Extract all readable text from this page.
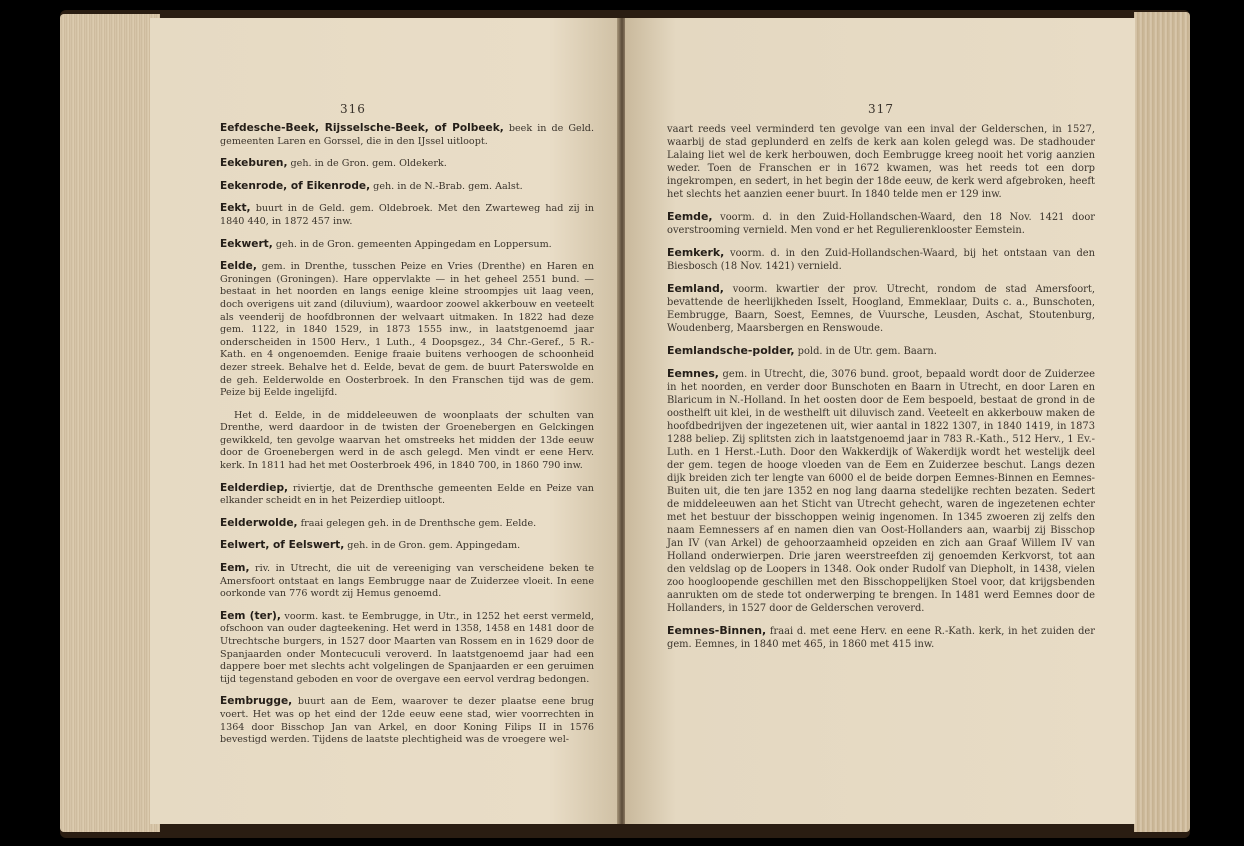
316
Eefdesche-Beek, Rijsselsche-Beek, of Polbeek, beek in de Geld. gemeenten Laren en Gorssel, die in den IJssel uitloopt.
Eekeburen, geh. in de Gron. gem. Oldekerk.
Eekenrode, of Eikenrode, geh. in de N.-Brab. gem. Aalst.
Eekt, buurt in de Geld. gem. Oldebroek. Met den Zwarteweg had zij in 1840 440, in 1872 457 inw.
Eekwert, geh. in de Gron. gemeenten Appingedam en Loppersum.
Eelde, gem. in Drenthe, tusschen Peize en Vries (Drenthe) en Haren en Groningen (Groningen). Hare oppervlakte — in het geheel 2551 bund. — bestaat in het noorden en langs eenige kleine stroompjes uit laag veen, doch overigens uit zand (diluvium), waardoor zoowel akkerbouw en veeteelt als veenderij de hoofdbronnen der welvaart uitmaken. In 1822 had deze gem. 1122, in 1840 1529, in 1873 1555 inw., in laatstgenoemd jaar onderscheiden in 1500 Herv., 1 Luth., 4 Doopsgez., 34 Chr.-Geref., 5 R.-Kath. en 4 ongenoemden. Eenige fraaie buitens verhoogen de schoonheid dezer streek. Behalve het d. Eelde, bevat de gem. de buurt Paterswolde en de geh. Eelderwolde en Oosterbroek. In den Franschen tijd was de gem. Peize bij Eelde ingelijfd.
Het d. Eelde, in de middeleeuwen de woonplaats der schulten van Drenthe, werd daardoor in de twisten der Groenebergen en Gelckingen gewikkeld, ten gevolge waarvan het omstreeks het midden der 13de eeuw door de Groenebergen werd in de asch gelegd. Men vindt er eene Herv. kerk. In 1811 had het met Oosterbroek 496, in 1840 700, in 1860 790 inw.
Eelderdiep, riviertje, dat de Drenthsche gemeenten Eelde en Peize van elkander scheidt en in het Peizerdiep uitloopt.
Eelderwolde, fraai gelegen geh. in de Drenthsche gem. Eelde.
Eelwert, of Eelswert, geh. in de Gron. gem. Appingedam.
Eem, riv. in Utrecht, die uit de vereeniging van verscheidene beken te Amersfoort ontstaat en langs Eembrugge naar de Zuiderzee vloeit. In eene oorkonde van 776 wordt zij Hemus genoemd.
Eem (ter), voorm. kast. te Eembrugge, in Utr., in 1252 het eerst vermeld, ofschoon van ouder dagteekening. Het werd in 1358, 1458 en 1481 door de Utrechtsche burgers, in 1527 door Maarten van Rossem en in 1629 door de Spanjaarden onder Montecuculi veroverd. In laatstgenoemd jaar had een dappere boer met slechts acht volgelingen de Spanjaarden er een geruimen tijd tegenstand geboden en voor de overgave een eervol verdrag bedongen.
Eembrugge, buurt aan de Eem, waarover te dezer plaatse eene brug voert. Het was op het eind der 12de eeuw eene stad, wier voorrechten in 1364 door Bisschop Jan van Arkel, en door Koning Filips II in 1576 bevestigd werden. Tijdens de laatste plechtigheid was de vroegere wel-
317
vaart reeds veel verminderd ten gevolge van een inval der Gelderschen, in 1527, waarbij de stad geplunderd en zelfs de kerk aan kolen gelegd was. De stadhouder Lalaing liet wel de kerk herbouwen, doch Eembrugge kreeg nooit het vorig aanzien weder. Toen de Franschen er in 1672 kwamen, was het reeds tot een dorp ingekrompen, en sedert, in het begin der 18de eeuw, de kerk werd afgebroken, heeft het slechts het aanzien eener buurt. In 1840 telde men er 129 inw.
Eemde, voorm. d. in den Zuid-Hollandschen-Waard, den 18 Nov. 1421 door overstrooming vernield. Men vond er het Regulierenklooster Eemstein.
Eemkerk, voorm. d. in den Zuid-Hollandschen-Waard, bij het ontstaan van den Biesbosch (18 Nov. 1421) vernield.
Eemland, voorm. kwartier der prov. Utrecht, rondom de stad Amersfoort, bevattende de heerlijkheden Isselt, Hoogland, Emmeklaar, Duits c. a., Bunschoten, Eembrugge, Baarn, Soest, Eemnes, de Vuursche, Leusden, Aschat, Stoutenburg, Woudenberg, Maarsbergen en Renswoude.
Eemlandsche-polder, pold. in de Utr. gem. Baarn.
Eemnes, gem. in Utrecht, die, 3076 bund. groot, bepaald wordt door de Zuiderzee in het noorden, en verder door Bunschoten en Baarn in Utrecht, en door Laren en Blaricum in N.-Holland. In het oosten door de Eem bespoeld, bestaat de grond in de oosthelft uit klei, in de westhelft uit diluvisch zand. Veeteelt en akkerbouw maken de hoofdbedrijven der ingezetenen uit, wier aantal in 1822 1307, in 1840 1419, in 1873 1288 beliep. Zij splitsten zich in laatstgenoemd jaar in 783 R.-Kath., 512 Herv., 1 Ev.-Luth. en 1 Herst.-Luth. Door den Wakkerdijk of Wakerdijk wordt het westelijk deel der gem. tegen de hooge vloeden van de Eem en Zuiderzee beschut. Langs dezen dijk breiden zich ter lengte van 6000 el de beide dorpen Eemnes-Binnen en Eemnes-Buiten uit, die ten jare 1352 en nog lang daarna stedelijke rechten bezaten. Sedert de middeleeuwen aan het Sticht van Utrecht gehecht, waren de ingezetenen echter met het bestuur der bisschoppen weinig ingenomen. In 1345 zwoeren zij zelfs den naam Eemnessers af en namen dien van Oost-Hollanders aan, waarbij zij Bisschop Jan IV (van Arkel) de gehoorzaamheid opzeiden en zich aan Graaf Willem IV van Holland onderwierpen. Drie jaren weerstreefden zij genoemden Kerkvorst, tot aan den veldslag op de Loopers in 1348. Ook onder Rudolf van Diepholt, in 1438, vielen zoo hoogloopende geschillen met den Bisschoppelijken Stoel voor, dat krijgsbenden aanrukten om de stede tot onderwerping te brengen. In 1481 werd Eemnes door de Hollanders, in 1527 door de Gelderschen veroverd.
Eemnes-Binnen, fraai d. met eene Herv. en eene R.-Kath. kerk, in het zuiden der gem. Eemnes, in 1840 met 465, in 1860 met 415 inw.
